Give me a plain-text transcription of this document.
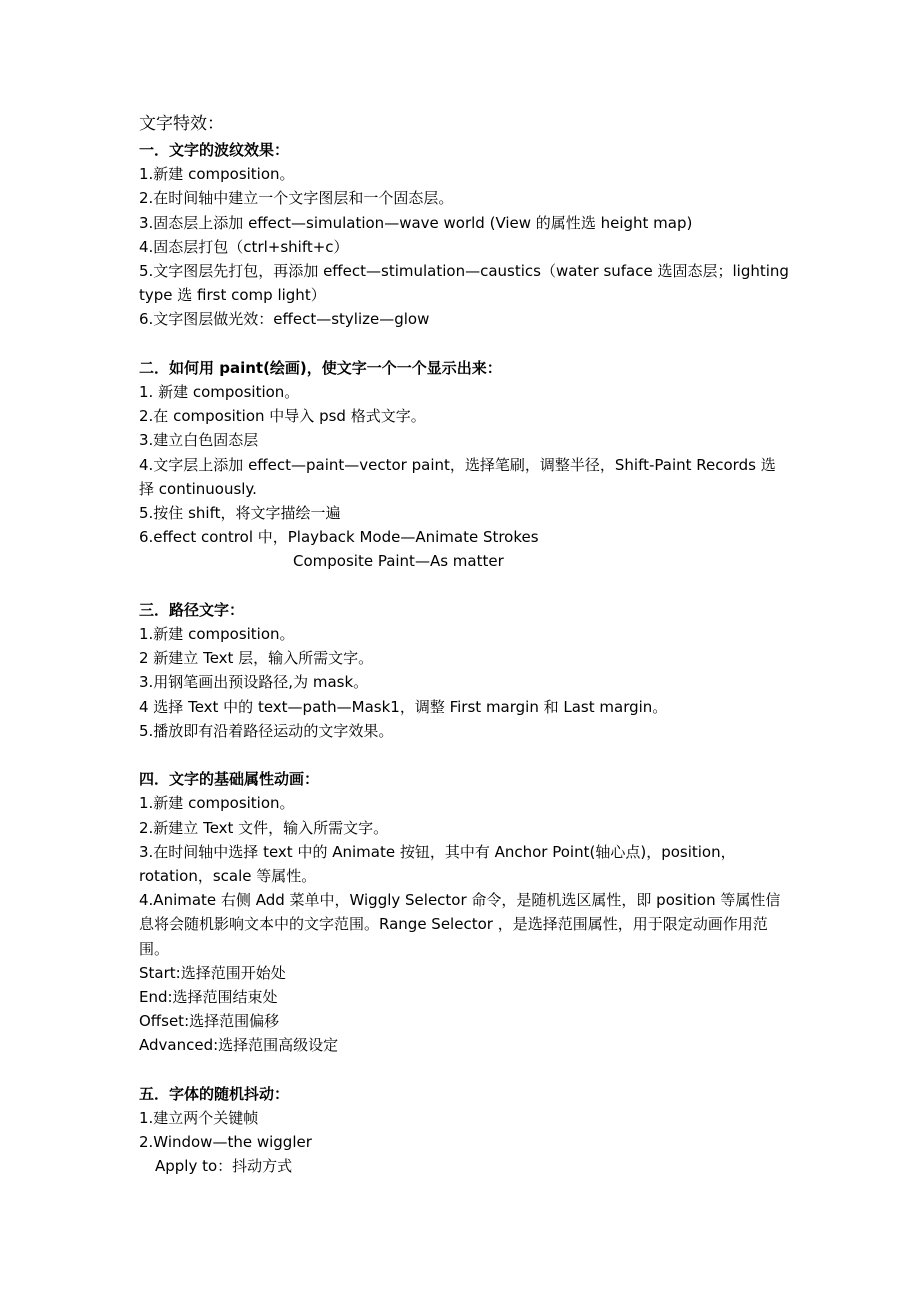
文字特效：
一．文字的波纹效果：
1.新建 composition。
2.在时间轴中建立一个文字图层和一个固态层。
3.固态层上添加 effect—simulation—wave world (View 的属性选 height map)
4.固态层打包（ctrl+shift+c）
5.文字图层先打包，再添加 effect—stimulation—caustics（water suface 选固态层；lighting type 选 first comp light）
6.文字图层做光效：effect—stylize—glow
二．如何用 paint(绘画)，使文字一个一个显示出来：
1. 新建 composition。
2.在 composition 中导入 psd 格式文字。
3.建立白色固态层
4.文字层上添加 effect—paint—vector paint，选择笔刷，调整半径，Shift-Paint Records 选择 continuously.
5.按住 shift，将文字描绘一遍
6.effect control 中，Playback Mode—Animate Strokes
Composite Paint—As matter
三．路径文字：
1.新建 composition。
2 新建立 Text 层，输入所需文字。
3.用钢笔画出预设路径,为 mask。
4 选择 Text 中的 text—path—Mask1，调整 First margin 和 Last margin。
5.播放即有沿着路径运动的文字效果。
四．文字的基础属性动画：
1.新建 composition。
2.新建立 Text 文件，输入所需文字。
3.在时间轴中选择 text 中的 Animate 按钮，其中有 Anchor Point(轴心点)，position，rotation，scale 等属性。
4.Animate 右侧 Add 菜单中，Wiggly Selector 命令，是随机选区属性，即 position 等属性信息将会随机影响文本中的文字范围。Range Selector ，是选择范围属性，用于限定动画作用范围。
Start:选择范围开始处
End:选择范围结束处
Offset:选择范围偏移
Advanced:选择范围高级设定
五．字体的随机抖动：
1.建立两个关键帧
2.Window—the wiggler
Apply to：抖动方式
